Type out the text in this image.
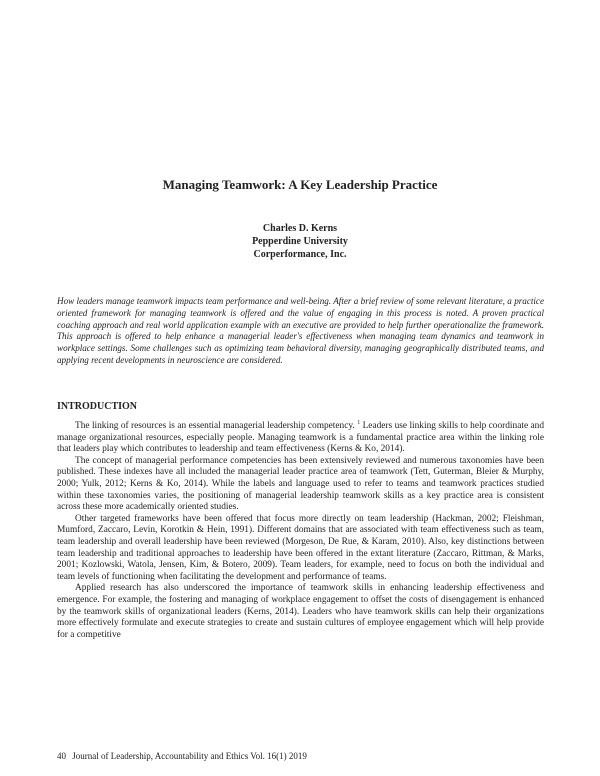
Managing Teamwork: A Key Leadership Practice
Charles D. Kerns
Pepperdine University
Corperformance, Inc.
How leaders manage teamwork impacts team performance and well-being. After a brief review of some relevant literature, a practice oriented framework for managing teamwork is offered and the value of engaging in this process is noted. A proven practical coaching approach and real world application example with an executive are provided to help further operationalize the framework. This approach is offered to help enhance a managerial leader's effectiveness when managing team dynamics and teamwork in workplace settings. Some challenges such as optimizing team behavioral diversity, managing geographically distributed teams, and applying recent developments in neuroscience are considered.
INTRODUCTION

The linking of resources is an essential managerial leadership competency. $^1$ Leaders use linking skills to help coordinate and manage organizational resources, especially people. Managing teamwork is a fundamental practice area within the linking role that leaders play which contributes to leadership and team effectiveness (Kerns & Ko, 2014).

The concept of managerial performance competencies has been extensively reviewed and numerous taxonomies have been published. These indexes have all included the managerial leader practice area of teamwork (Tett, Guterman, Bleier & Murphy, 2000; Yulk, 2012; Kerns & Ko, 2014). While the labels and language used to refer to teams and teamwork practices studied within these taxonomies varies, the positioning of managerial leadership teamwork skills as a key practice area is consistent across these more academically oriented studies.

Other targeted frameworks have been offered that focus more directly on team leadership (Hackman, 2002; Fleishman, Mumford, Zaccaro, Levin, Korotkin & Hein, 1991). Different domains that are associated with team effectiveness such as team, team leadership and overall leadership have been reviewed (Morgeson, De Rue, & Karam, 2010). Also, key distinctions between team leadership and traditional approaches to leadership have been offered in the extant literature (Zaccaro, Rittman, & Marks, 2001; Kozlowski, Watola, Jensen, Kim, & Botero, 2009). Team leaders, for example, need to focus on both the individual and team levels of functioning when facilitating the development and performance of teams.

Applied research has also underscored the importance of teamwork skills in enhancing leadership effectiveness and emergence. For example, the fostering and managing of workplace engagement to offset the costs of disengagement is enhanced by the teamwork skills of organizational leaders (Kerns, 2014). Leaders who have teamwork skills can help their organizations more effectively formulate and execute strategies to create and sustain cultures of employee engagement which will help provide for a competitive

40 Journal of Leadership, Accountability and Ethics Vol. 16(1) 2019
